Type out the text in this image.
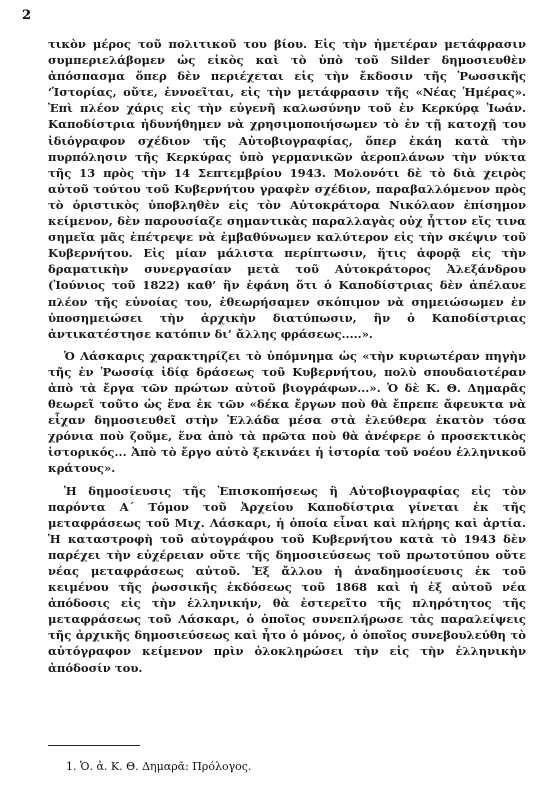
2

τικὸν μέρος τοῦ πολιτικοῦ του βίου. Εἰς τὴν ἡμετέραν μετάφρασιν συμπεριελάβομεν ὡς εἰκὸς καὶ τὸ ὑπὸ τοῦ Silder δημοσιευθὲν ἀπόσπασμα ὅπερ δὲν περιέχεται εἰς τὴν ἔκδοσιν τῆς Ῥωσσικῆς ‘Ἱστορίας, οὔτε, ἐννοεῖται, εἰς τὴν μετάφρασιν τῆς «Νέας Ἡμέρας». Ἐπὶ πλέον χάρις εἰς τὴν εὐγενῆ καλωσύνην τοῦ ἐν Κερκύρᾳ Ἰωάν. Καποδίστρια ἠδυνήθημεν νὰ χρησιμοποιήσωμεν τὸ ἐν τῇ κατοχῇ του ἰδιόγραφον σχέδιον τῆς Αὐτοβιογραφίας, ὅπερ ἐκάη κατὰ τὴν πυρπόλησιν τῆς Κερκύρας ὑπὸ γερμανικῶν ἀεροπλάνων τὴν νύκτα τῆς 13 πρὸς τὴν 14 Σεπτεμβρίου 1943. Μολονότι δὲ τὸ διὰ χειρὸς αὐτοῦ τούτου τοῦ Κυβερνήτου γραφὲν σχέδιον, παραβαλλόμενον πρὸς τὸ ὁριστικὸς ὑποβληθὲν εἰς τὸν Αὐτοκράτορα Νικόλαον ἐπίσημον κείμενον, δὲν παρουσίαζε σημαντικὰς παραλλαγὰς οὐχ ἧττον εἴς τινα σημεῖα μᾶς ἐπέτρεψε νὰ ἐμβαθύνωμεν καλύτερον εἰς τὴν σκέψιν τοῦ Κυβερνήτου. Εἰς μίαν μάλιστα περίπτωσιν, ἥτις ἀφορᾷ εἰς τὴν δραματικὴν συνεργασίαν μετὰ τοῦ Αὐτοκράτορος Ἀλεξάνδρου (Ἰούνιος τοῦ 1822) καθ’ ἣν ἐφάνη ὅτι ὁ Καποδίστριας δὲν ἀπέλαυε πλέον τῆς εὐνοίας του, ἐθεωρήσαμεν σκόπιμον νὰ σημειώσωμεν ἐν ὑποσημειώσει τὴν ἀρχικὴν διατύπωσιν, ἣν ὁ Καποδίστριας ἀντικατέστησε κατόπιν δι’ ἄλλης φράσεως.....».

Ὁ Λάσκαρις χαρακτηρίζει τὸ ὑπόμνημα ὡς «τὴν κυριωτέραν πηγὴν τῆς ἐν Ῥωσσίᾳ ἰδίᾳ δράσεως τοῦ Κυβερνήτου, πολὺ σπουδαιοτέραν ἀπὸ τὰ ἔργα τῶν πρώτων αὐτοῦ βιογράφων...». Ὁ δὲ Κ. Θ. Δημαρᾶς θεωρεῖ τοῦτο ὡς ἕνα ἐκ τῶν «δέκα ἔργων ποὺ θὰ ἔπρεπε ἄφευκτα νὰ εἶχαν δημοσιευθεῖ στὴν Ἑλλάδα μέσα στὰ ἐλεύθερα ἑκατὸν τόσα χρόνια ποὺ ζοῦμε, ἕνα ἀπὸ τὰ πρῶτα ποὺ θὰ ἀνέφερε ὁ προσεκτικὸς ἱστορικός... Ἀπὸ τὸ ἔργο αὐτὸ ξεκινάει ἡ ἱστορία τοῦ νοέου ἑλληνικοῦ κράτους».

Ἡ δημοσίευσις τῆς Ἐπισκοπήσεως ἢ Αὐτοβιογραφίας εἰς τὸν παρόντα Α´ Τόμον τοῦ Ἀρχείου Καποδίστρια γίνεται ἐκ τῆς μεταφράσεως τοῦ Μιχ. Λάσκαρι, ἡ ὁποία εἶναι καὶ πλήρης καὶ ἀρτία. Ἡ καταστροφὴ τοῦ αὐτογράφου τοῦ Κυβερνήτου κατὰ τὸ 1943 δὲν παρέχει τὴν εὐχέρειαν οὔτε τῆς δημοσιεύσεως τοῦ πρωτοτύπου οὔτε νέας μεταφράσεως αὐτοῦ. Ἐξ ἄλλου ἡ ἀναδημοσίευσις ἐκ τοῦ κειμένου τῆς ῥωσσικῆς ἐκδόσεως τοῦ 1868 καὶ ἡ ἐξ αὐτοῦ νέα ἀπόδοσις εἰς τὴν ἑλληνικήν, θὰ ἐστερεῖτο τῆς πληρότητος τῆς μεταφράσεως τοῦ Λάσκαρι, ὁ ὁποῖος συνεπλήρωσε τὰς παραλείψεις τῆς ἀρχικῆς δημοσιεύσεως καὶ ἦτο ὁ μόνος, ὁ ὁποῖος συνεβουλεύθη τὸ αὐτόγραφον κείμενον πρὶν ὁλοκληρώσει τὴν εἰς τὴν ἑλληνικὴν ἀπόδοσίν του.

1. Ὁ. ἀ. Κ. Θ. Δημαρᾶ: Πρόλογος.
